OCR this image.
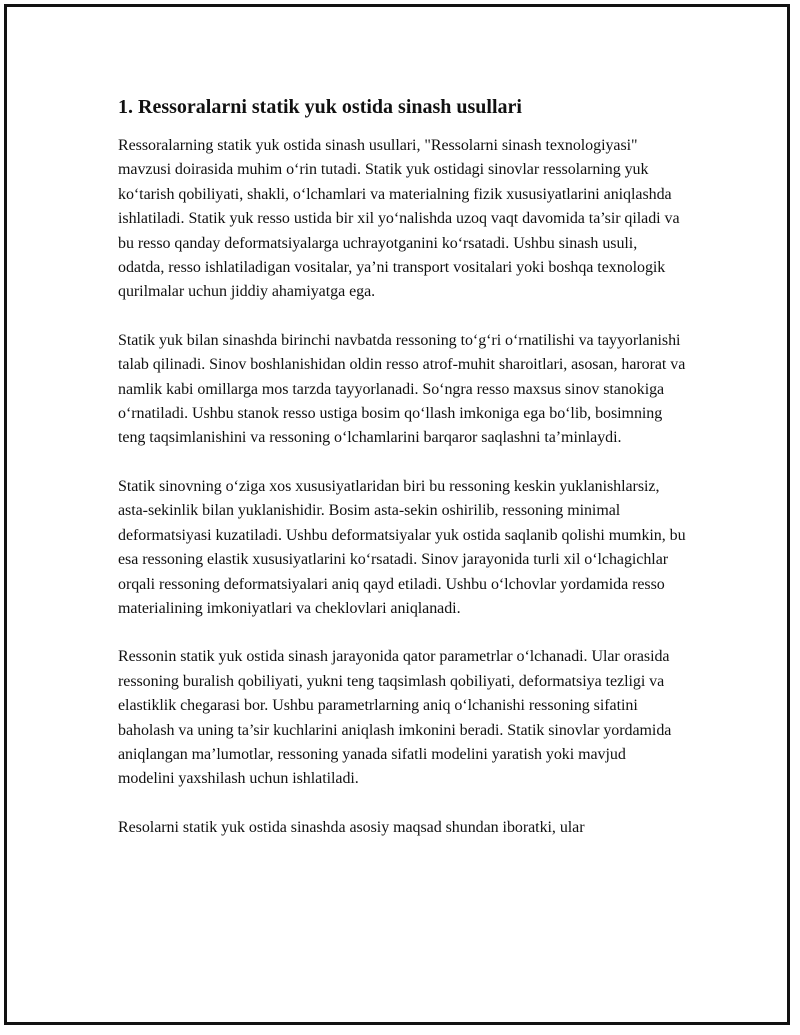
1. Ressoralarni statik yuk ostida sinash usullari

Ressoralarning statik yuk ostida sinash usullari, "Ressolarni sinash texnologiyasi" mavzusi doirasida muhim o‘rin tutadi. Statik yuk ostidagi sinovlar ressolarning yuk ko‘tarish qobiliyati, shakli, o‘lchamlari va materialning fizik xususiyatlarini aniqlashda ishlatiladi. Statik yuk resso ustida bir xil yo‘nalishda uzoq vaqt davomida ta’sir qiladi va bu resso qanday deformatsiyalarga uchrayotganini ko‘rsatadi. Ushbu sinash usuli, odatda, resso ishlatiladigan vositalar, ya’ni transport vositalari yoki boshqa texnologik qurilmalar uchun jiddiy ahamiyatga ega.

Statik yuk bilan sinashda birinchi navbatda ressoning to‘g‘ri o‘rnatilishi va tayyorlanishi talab qilinadi. Sinov boshlanishidan oldin resso atrof-muhit sharoitlari, asosan, harorat va namlik kabi omillarga mos tarzda tayyorlanadi. So‘ngra resso maxsus sinov stanokiga o‘rnatiladi. Ushbu stanok resso ustiga bosim qo‘llash imkoniga ega bo‘lib, bosimning teng taqsimlanishini va ressoning o‘lchamlarini barqaror saqlashni ta’minlaydi.

Statik sinovning o‘ziga xos xususiyatlaridan biri bu ressoning keskin yuklanishlarsiz, asta-sekinlik bilan yuklanishidir. Bosim asta-sekin oshirilib, ressoning minimal deformatsiyasi kuzatiladi. Ushbu deformatsiyalar yuk ostida saqlanib qolishi mumkin, bu esa ressoning elastik xususiyatlarini ko‘rsatadi. Sinov jarayonida turli xil o‘lchagichlar orqali ressoning deformatsiyalari aniq qayd etiladi. Ushbu o‘lchovlar yordamida resso materialining imkoniyatlari va cheklovlari aniqlanadi.

Ressonin statik yuk ostida sinash jarayonida qator parametrlar o‘lchanadi. Ular orasida ressoning buralish qobiliyati, yukni teng taqsimlash qobiliyati, deformatsiya tezligi va elastiklik chegarasi bor. Ushbu parametrlarning aniq o‘lchanishi ressoning sifatini baholash va uning ta’sir kuchlarini aniqlash imkonini beradi. Statik sinovlar yordamida aniqlangan ma’lumotlar, ressoning yanada sifatli modelini yaratish yoki mavjud modelini yaxshilash uchun ishlatiladi.

Resolarni statik yuk ostida sinashda asosiy maqsad shundan iboratki, ular
